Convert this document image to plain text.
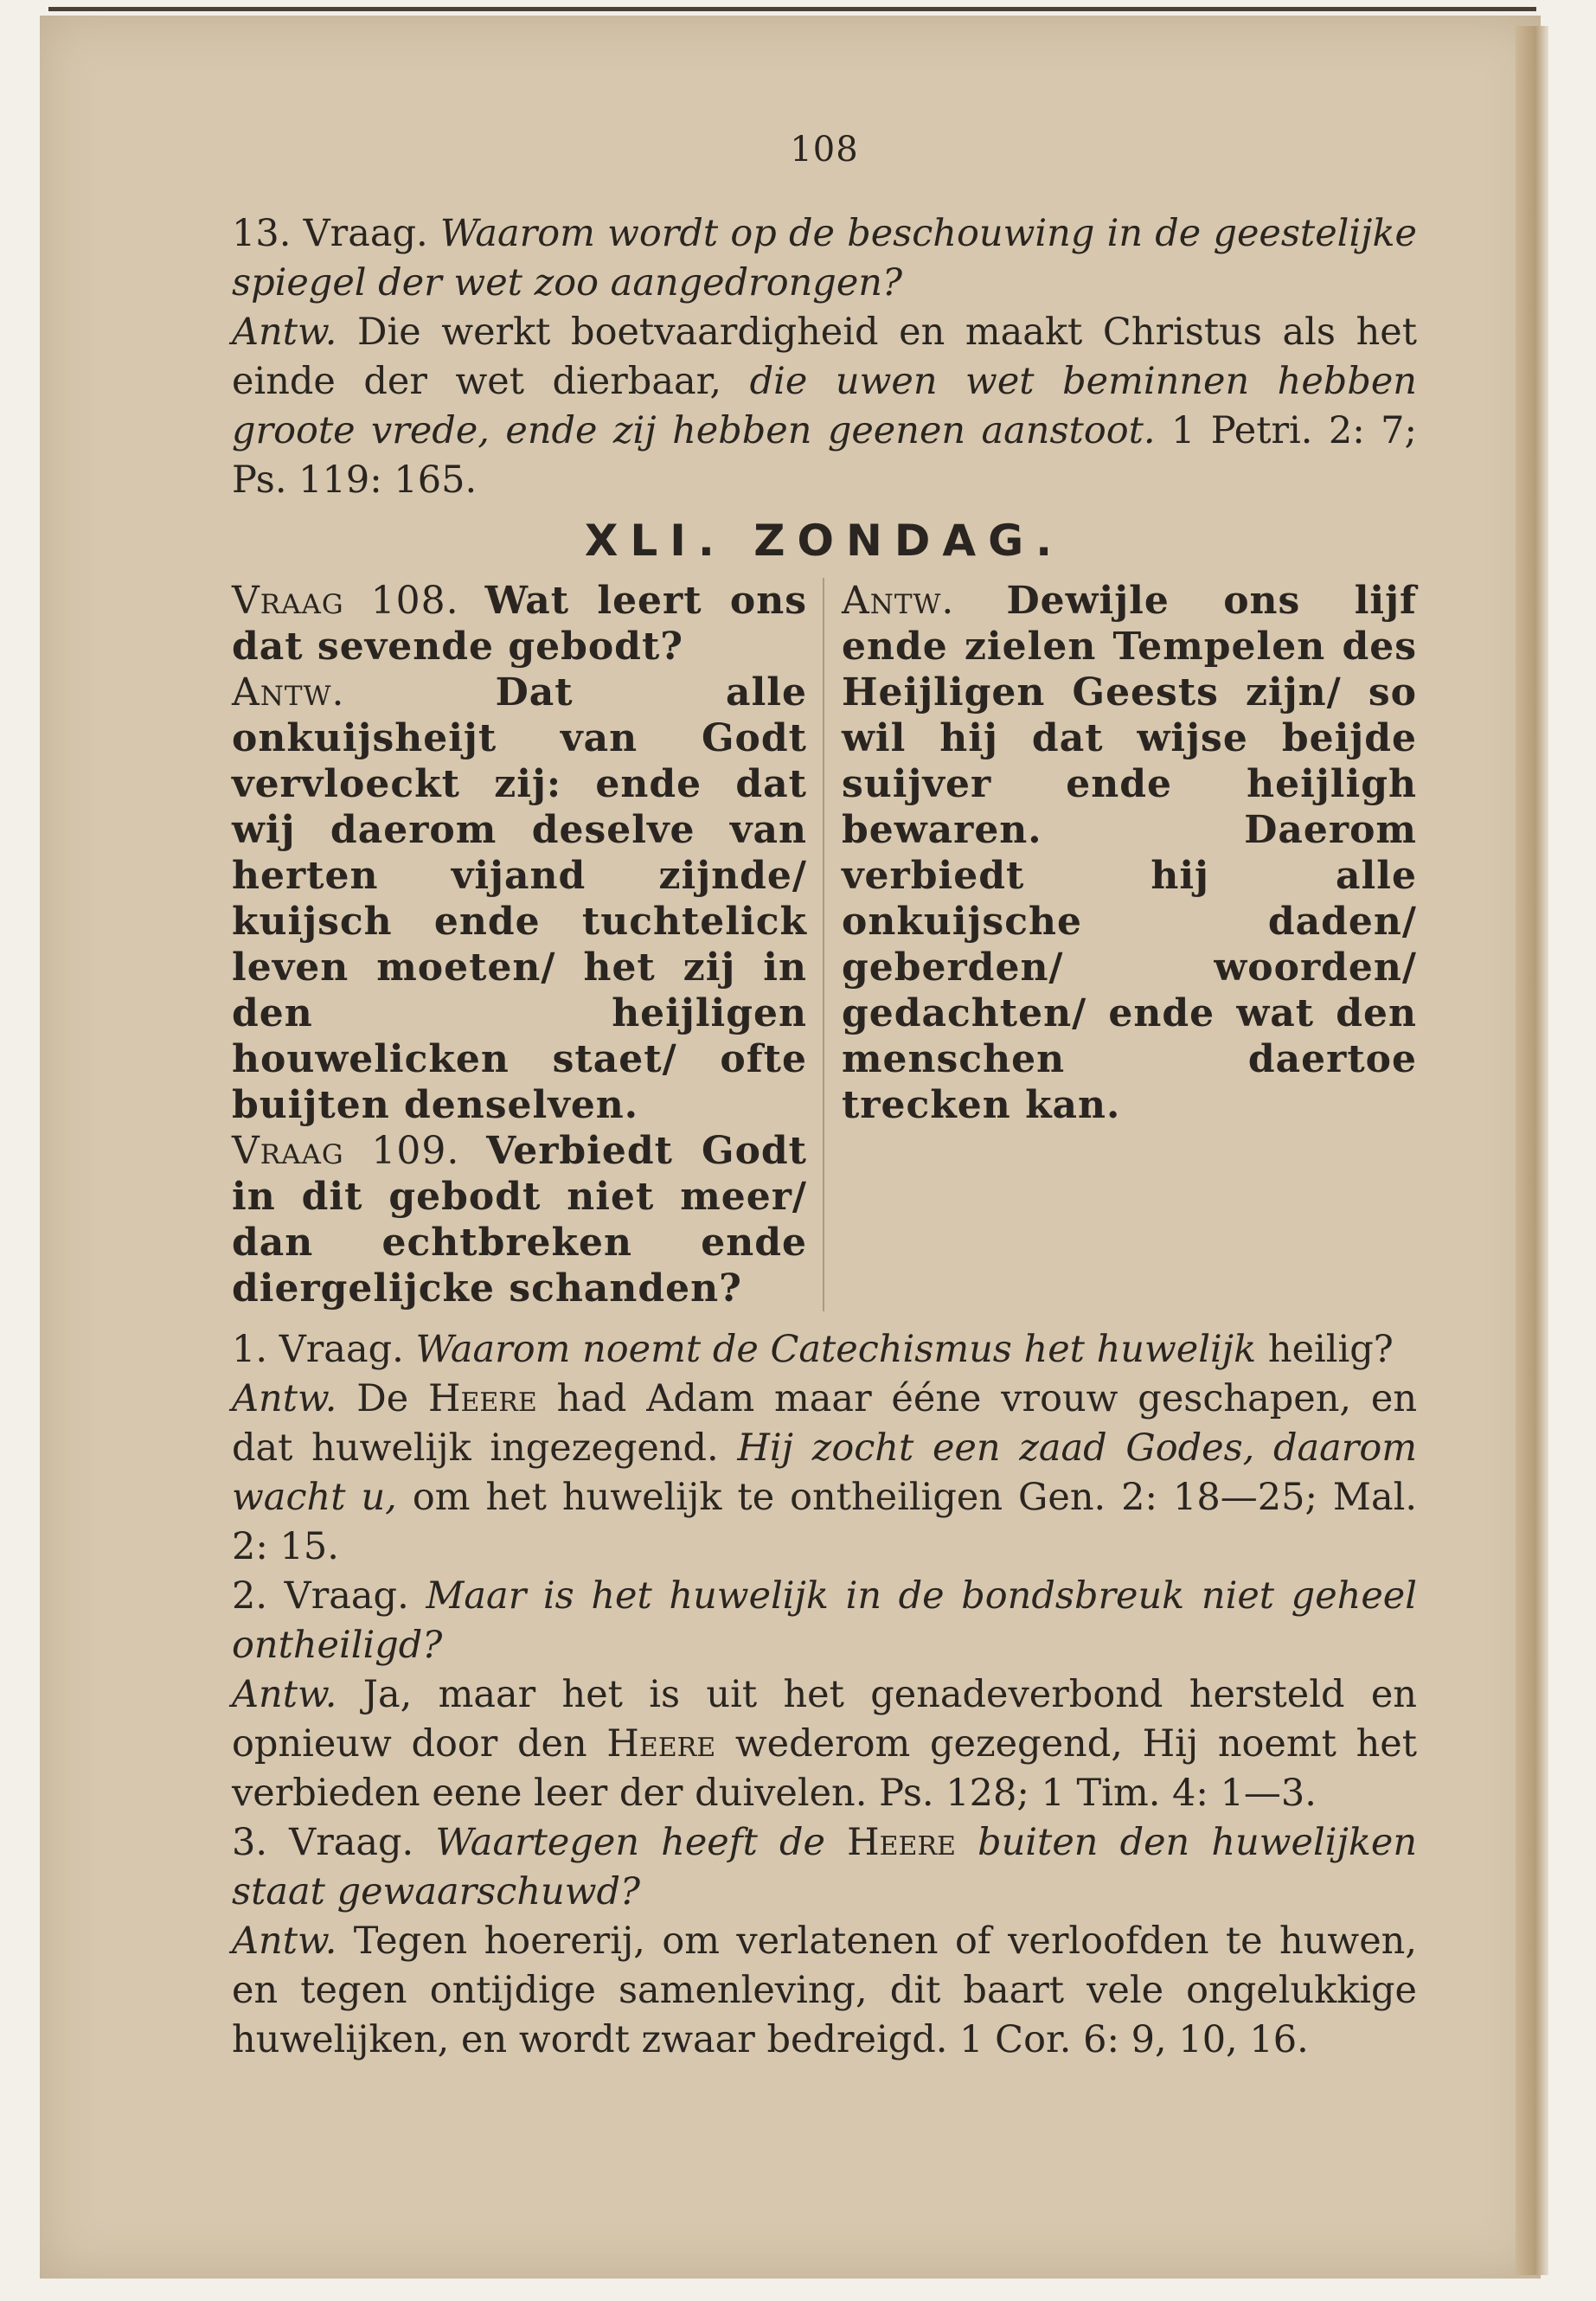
108

13. Vraag. Waarom wordt op de beschouwing in de geestelijke spiegel der wet zoo aangedrongen?

Antw. Die werkt boetvaardigheid en maakt Christus als het einde der wet dierbaar, die uwen wet beminnen hebben groote vrede, ende zij hebben geenen aanstoot. 1 Petri. 2: 7; Ps. 119: 165.

XLI. ZONDAG.

Vraag 108. Wat leert ons dat sevende gebodt?

Antw.	Dat alle onkuijsheijt van Godt vervloeckt zij: ende dat wij daerom deselve van herten vijand zijnde/ kuijsch ende tuchtelick leven moeten/ het zij in den heijligen houwelicken staet/ ofte buijten denselven.

Vraag 109. Verbiedt Godt in dit gebodt niet meer/ dan echtbreken ende diergelijcke schanden?

Antw. Dewijle ons lijf ende zielen Tempelen des Heijligen Geests zijn/ so wil hij dat wijse beijde suijver ende heijligh bewaren. Daerom verbiedt hij alle onkuijsche daden/ geberden/ woorden/ gedachten/ ende wat den menschen daertoe trecken kan.

1. Vraag. Waarom noemt de Catechismus het huwelijk heilig?

Antw. De Heere had Adam maar ééne vrouw geschapen, en dat huwelijk ingezegend. Hij zocht een zaad Godes, daarom wacht u, om het huwelijk te ontheiligen Gen. 2: 18—25; Mal. 2: 15.

2. Vraag. Maar is het huwelijk in de bondsbreuk niet geheel ontheiligd?

Antw. Ja, maar het is uit het genadeverbond hersteld en opnieuw door den Heere wederom gezegend, Hij noemt het verbieden eene leer der duivelen. Ps. 128; 1 Tim. 4: 1—3.

3. Vraag. Waartegen heeft de Heere buiten den huwelijken staat gewaarschuwd?

Antw. Tegen hoererij, om verlatenen of verloofden te huwen, en tegen ontijdige samenleving, dit baart vele ongelukkige huwelijken, en wordt zwaar bedreigd. 1 Cor. 6: 9, 10, 16.
